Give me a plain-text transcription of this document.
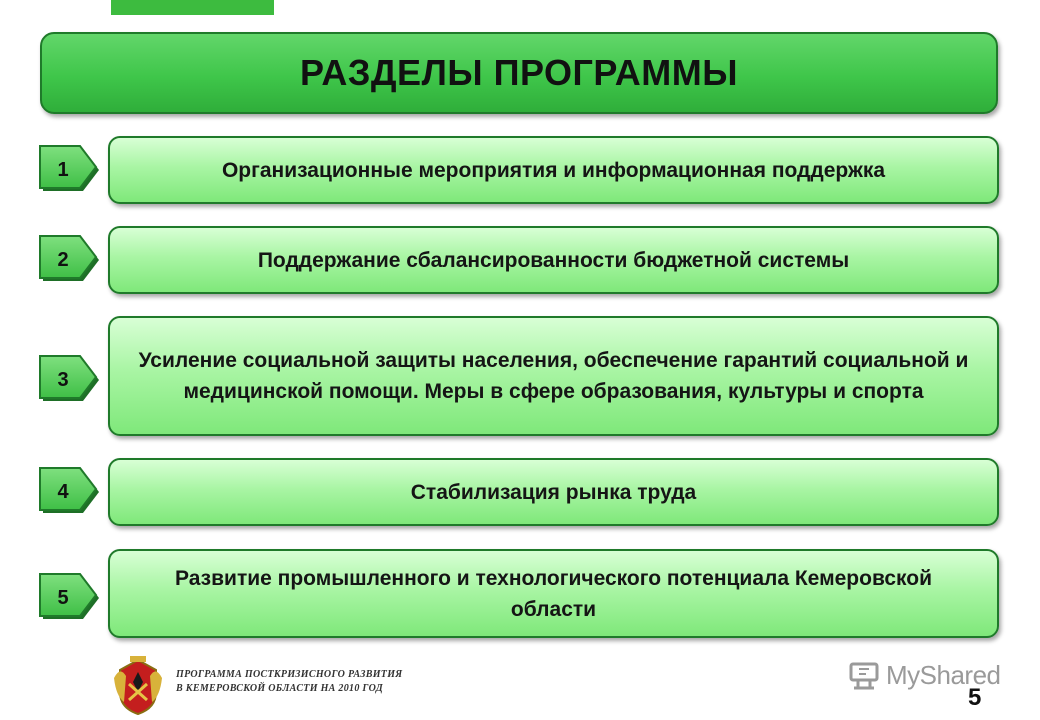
РАЗДЕЛЫ ПРОГРАММЫ
1	Организационные мероприятия и информационная поддержка
2	Поддержание сбалансированности бюджетной системы
3
Усиление социальной защиты населения, обеспечение гарантий социальной и медицинской помощи. Меры в сфере образования, культуры и спорта
4	Стабилизация рынка труда
5
Развитие промышленного и технологического потенциала Кемеровской области
ПРОГРАММА ПОСТКРИЗИСНОГО РАЗВИТИЯ
В КЕМЕРОВСКОЙ ОБЛАСТИ НА 2010 ГОД	MyShared
5
